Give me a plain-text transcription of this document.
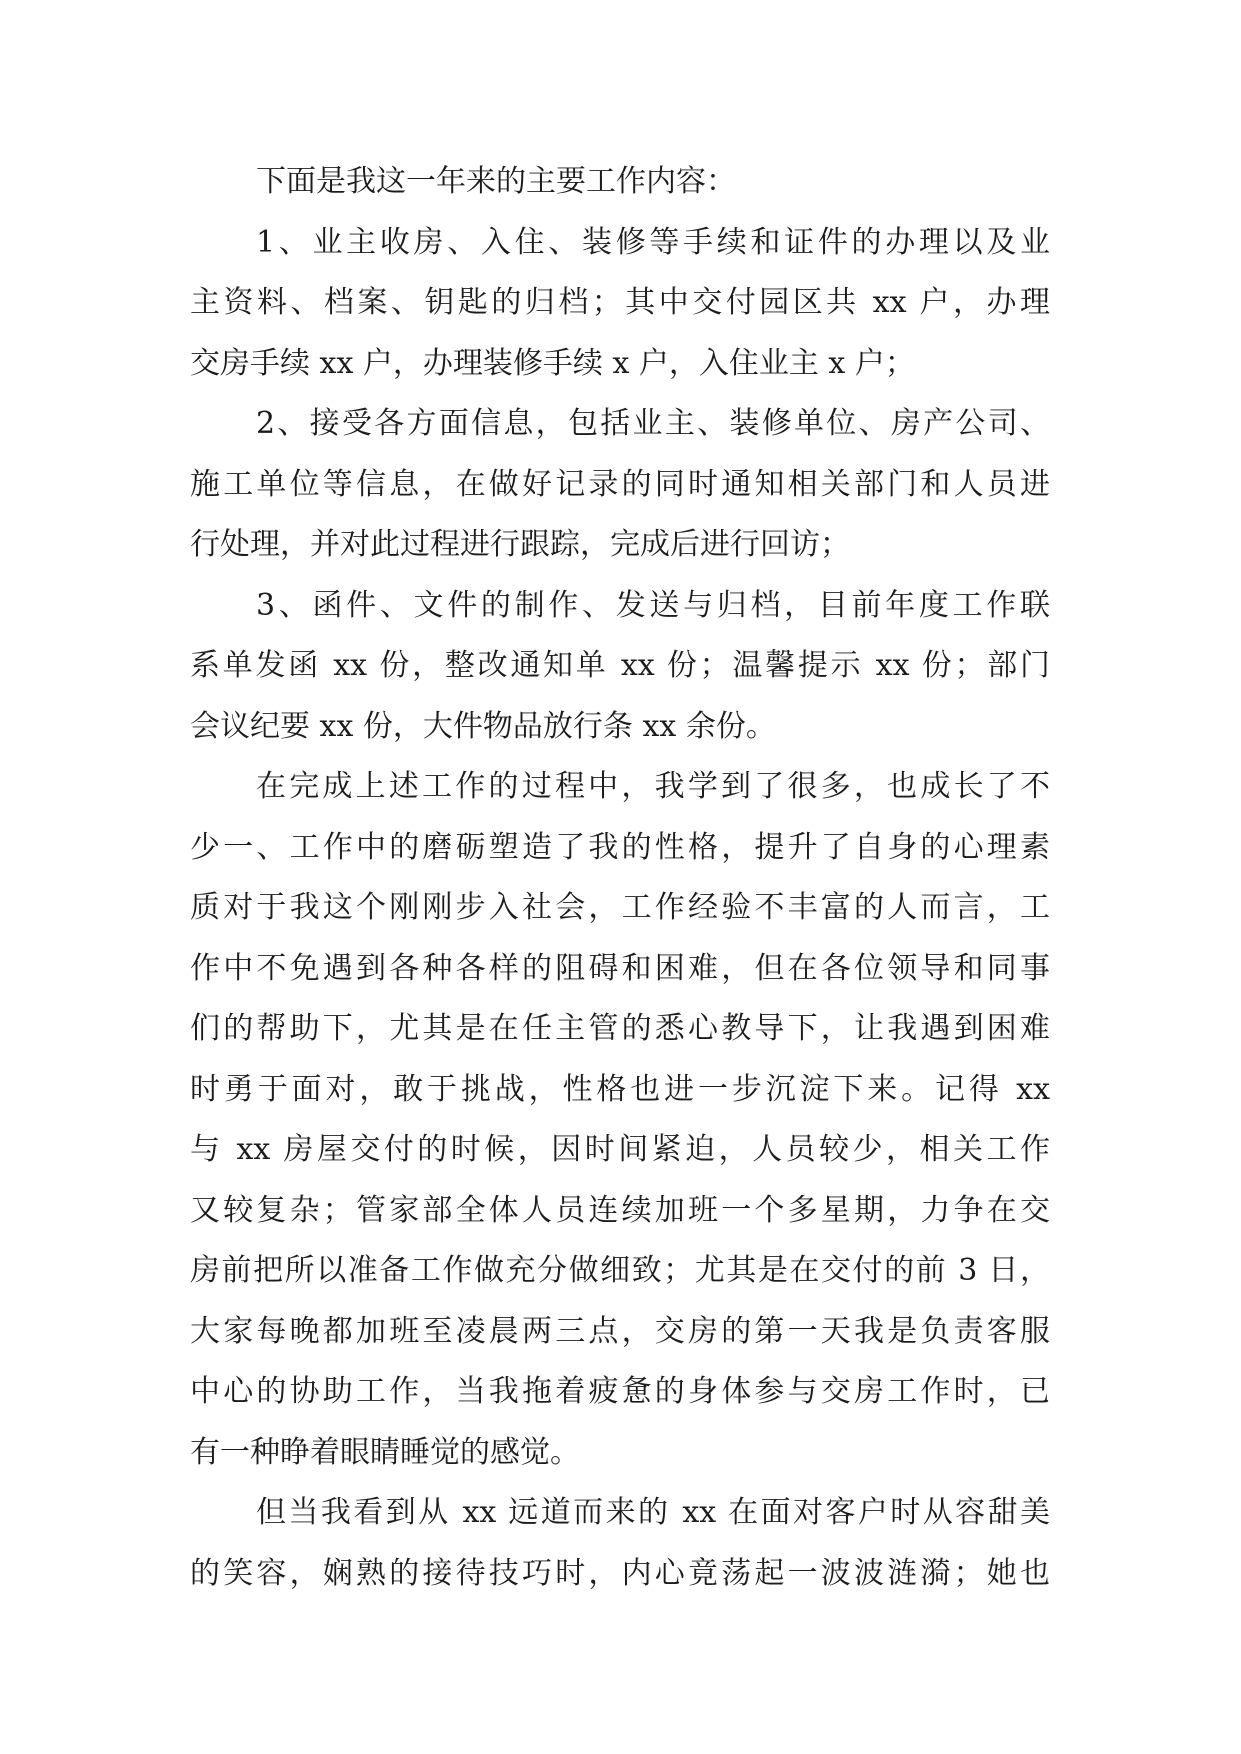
下面是我这一年来的主要工作内容：
1、业主收房、入住、装修等手续和证件的办理以及业
主资料、档案、钥匙的归档；其中交付园区共 xx 户，办理
交房手续 xx 户，办理装修手续 x 户，入住业主 x 户；
2、接受各方面信息，包括业主、装修单位、房产公司、
施工单位等信息，在做好记录的同时通知相关部门和人员进
行处理，并对此过程进行跟踪，完成后进行回访；
3、函件、文件的制作、发送与归档，目前年度工作联
系单发函 xx 份，整改通知单 xx 份；温馨提示 xx 份；部门
会议纪要 xx 份，大件物品放行条 xx 余份。
在完成上述工作的过程中，我学到了很多，也成长了不
少一、工作中的磨砺塑造了我的性格，提升了自身的心理素
质对于我这个刚刚步入社会，工作经验不丰富的人而言，工
作中不免遇到各种各样的阻碍和困难，但在各位领导和同事
们的帮助下，尤其是在任主管的悉心教导下，让我遇到困难
时勇于面对，敢于挑战，性格也进一步沉淀下来。记得 xx
与 xx 房屋交付的时候，因时间紧迫，人员较少，相关工作
又较复杂；管家部全体人员连续加班一个多星期，力争在交
房前把所以准备工作做充分做细致；尤其是在交付的前 3 日，
大家每晚都加班至凌晨两三点，交房的第一天我是负责客服
中心的协助工作，当我拖着疲惫的身体参与交房工作时，已
有一种睁着眼睛睡觉的感觉。
但当我看到从 xx 远道而来的 xx 在面对客户时从容甜美
的笑容，娴熟的接待技巧时，内心竟荡起一波波涟漪；她也
